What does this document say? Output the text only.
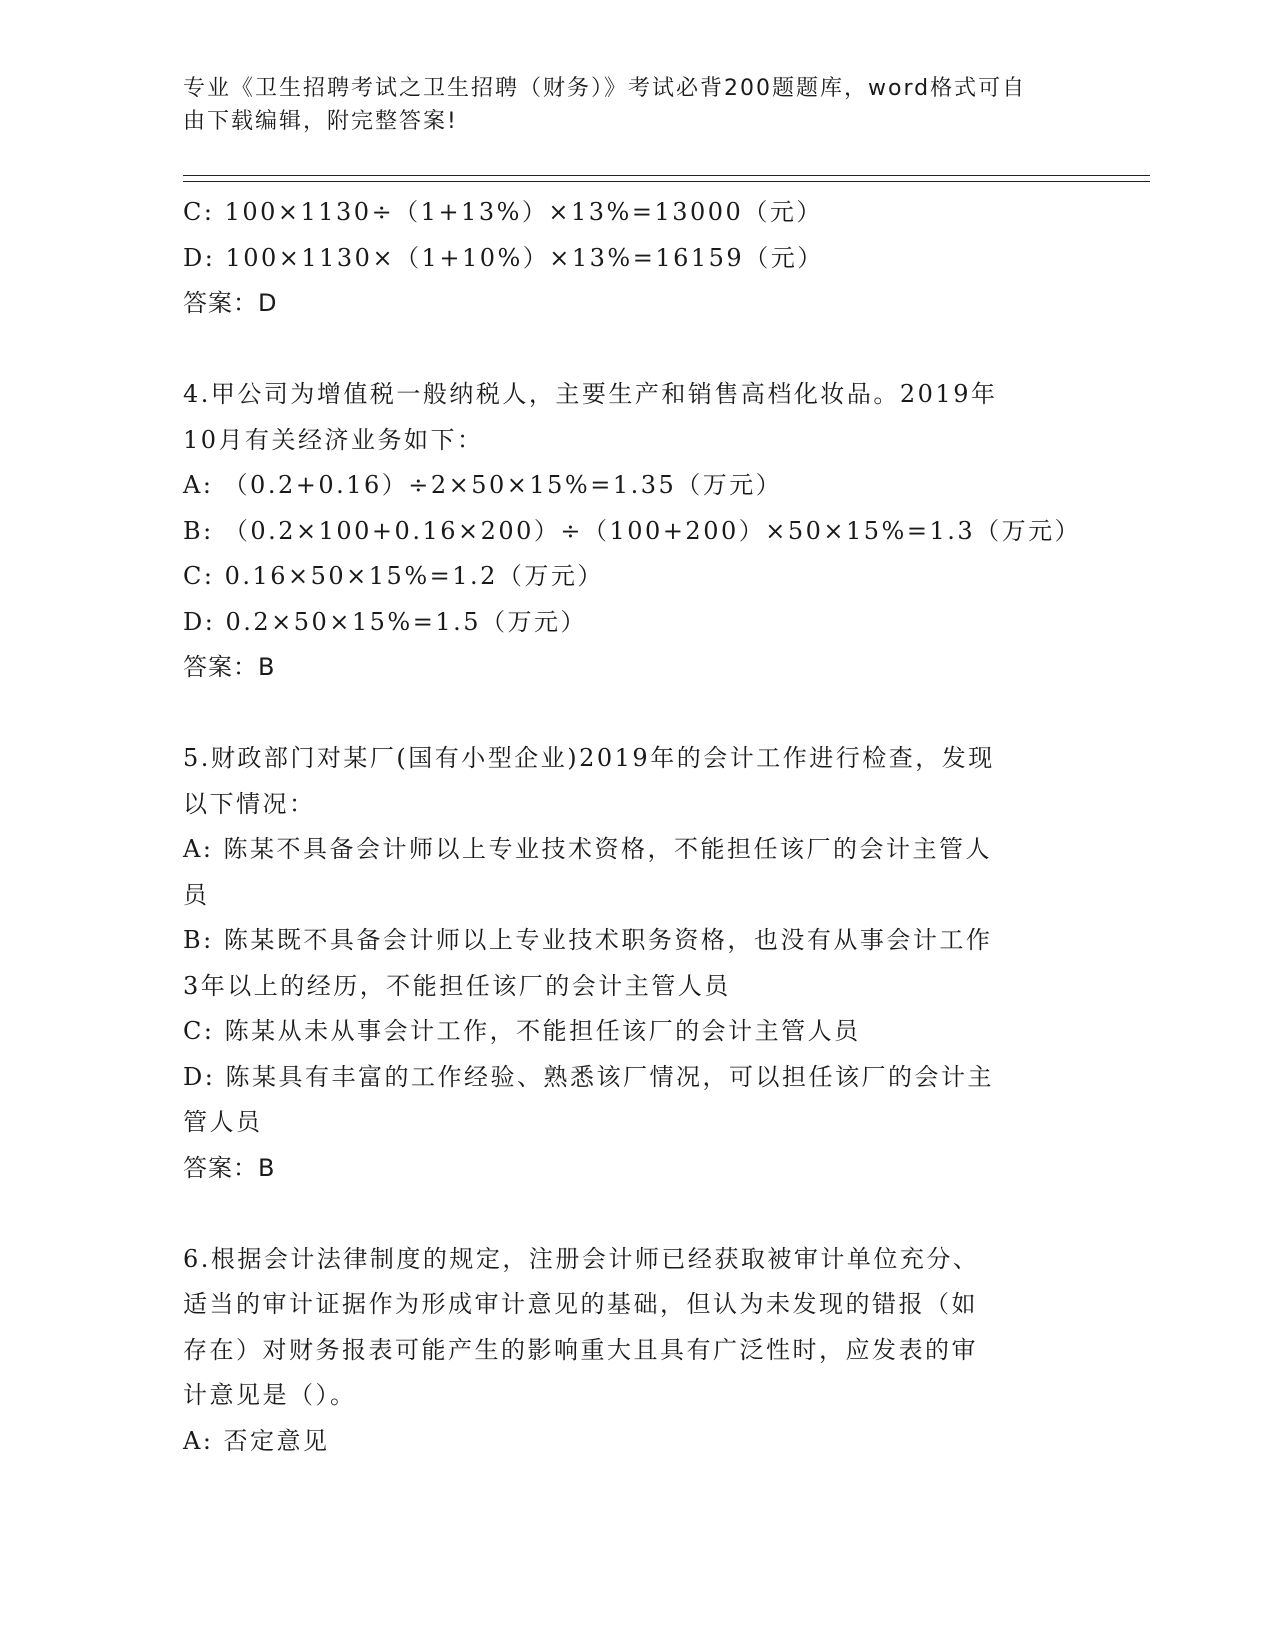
专业《卫生招聘考试之卫生招聘（财务）》考试必背200题题库，word格式可自
由下载编辑，附完整答案!
C: 100×1130÷（1+13%）×13%=13000（元）
D: 100×1130×（1+10%）×13%=16159（元）
答案：D
4.甲公司为增值税一般纳税人，主要生产和销售高档化妆品。2019年
10月有关经济业务如下：
A: （0.2+0.16）÷2×50×15%=1.35（万元）
B: （0.2×100+0.16×200）÷（100+200）×50×15%=1.3（万元）
C: 0.16×50×15%=1.2（万元）
D: 0.2×50×15%=1.5（万元）
答案：B
5.财政部门对某厂(国有小型企业)2019年的会计工作进行检查，发现
以下情况：
A: 陈某不具备会计师以上专业技术资格，不能担任该厂的会计主管人
员
B: 陈某既不具备会计师以上专业技术职务资格，也没有从事会计工作
3年以上的经历，不能担任该厂的会计主管人员
C: 陈某从未从事会计工作，不能担任该厂的会计主管人员
D: 陈某具有丰富的工作经验、熟悉该厂情况，可以担任该厂的会计主
管人员
答案：B
6.根据会计法律制度的规定，注册会计师已经获取被审计单位充分、
适当的审计证据作为形成审计意见的基础，但认为未发现的错报（如
存在）对财务报表可能产生的影响重大且具有广泛性时，应发表的审
计意见是（）。
A: 否定意见
